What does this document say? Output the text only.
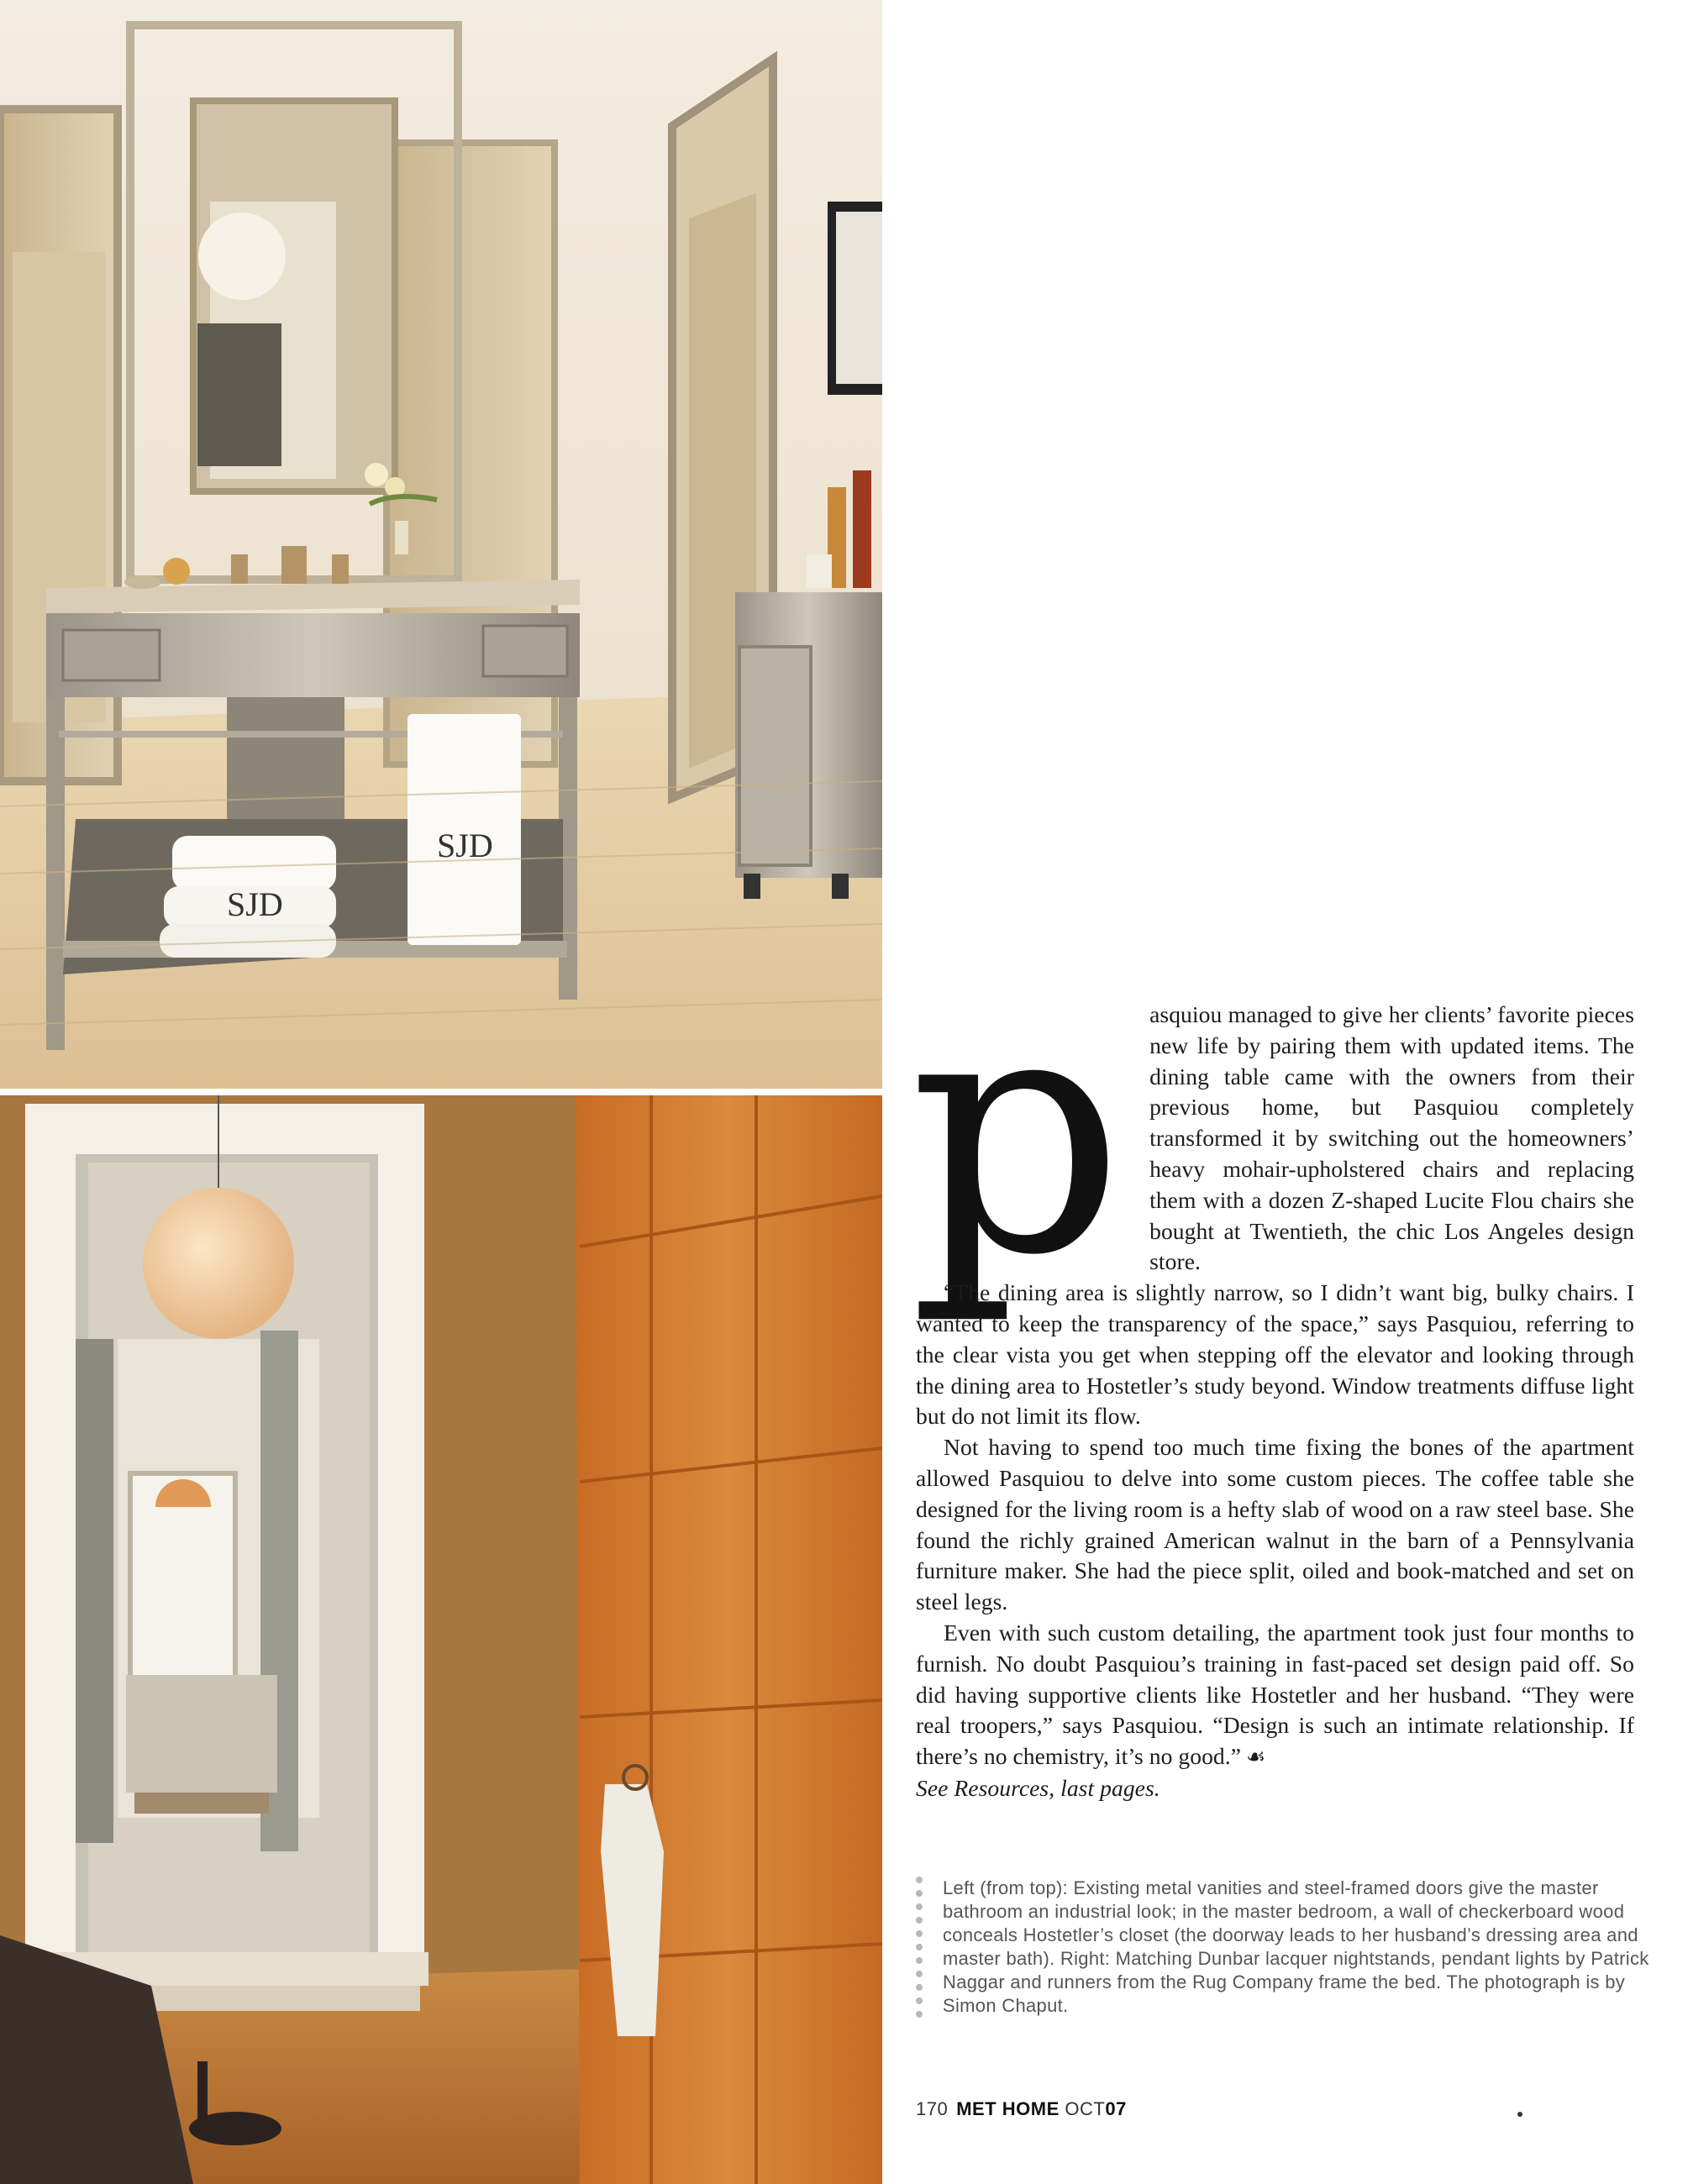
SJD
SJD
p	asquiou managed to give her clients’ favorite pieces new life by pairing them with updated items. The dining table came with the owners from their previous home, but Pasquiou completely transformed it by switching out the homeowners’ heavy mohair-upholstered chairs and replacing them with a dozen Z-shaped Lucite Flou chairs she bought at Twentieth, the chic Los Angeles design store.

“The dining area is slightly narrow, so I didn’t want big, bulky chairs. I wanted to keep the transparency of the space,” says Pasquiou, referring to the clear vista you get when stepping off the elevator and looking through the dining area to Hostetler’s study beyond. Window treatments diffuse light but do not limit its flow.

Not having to spend too much time fixing the bones of the apartment allowed Pasquiou to delve into some custom pieces. The coffee table she designed for the living room is a hefty slab of wood on a raw steel base. She found the richly grained American walnut in the barn of a Pennsylvania furniture maker. She had the piece split, oiled and book-matched and set on steel legs.

Even with such custom detailing, the apartment took just four months to furnish. No doubt Pasquiou’s training in fast-paced set design paid off. So did having supportive clients like Hostetler and her husband. “They were real troopers,” says Pasquiou. “Design is such an intimate relationship. If there’s no chemistry, it’s no good.” ☙

See Resources, last pages.

Left (from top): Existing metal vanities and steel-framed doors give the master bathroom an industrial look; in the master bedroom, a wall of checkerboard wood conceals Hostetler’s closet (the doorway leads to her husband’s dressing area and master bath). Right: Matching Dunbar lacquer nightstands, pendant lights by Patrick Naggar and runners from the Rug Company frame the bed. The photograph is by Simon Chaput.
170 MET HOME OCT07
